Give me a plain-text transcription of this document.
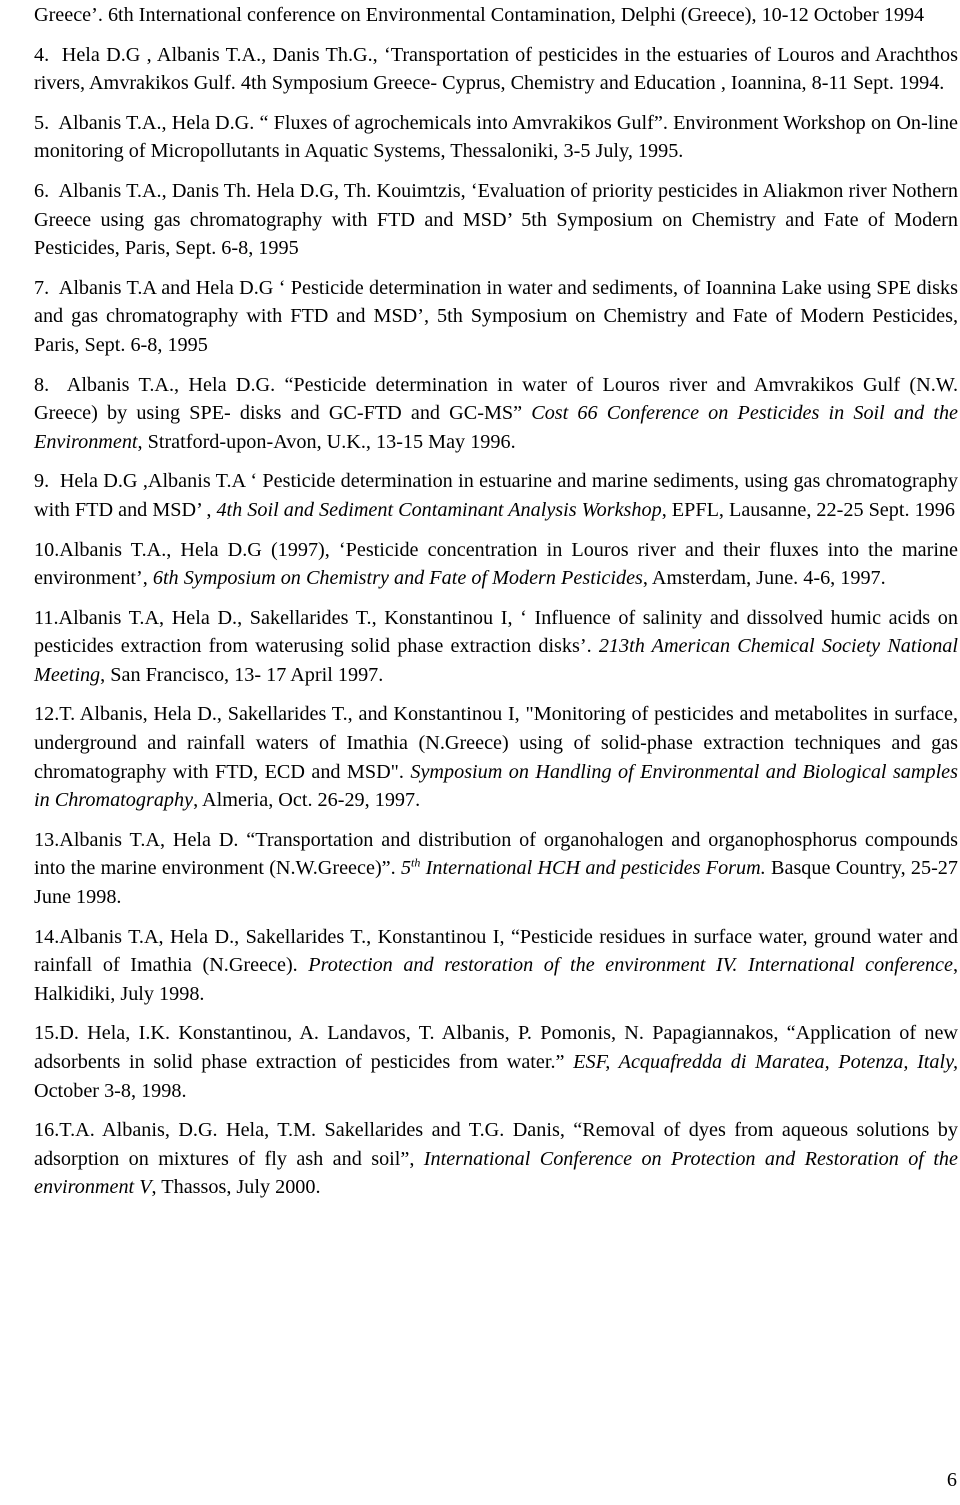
Greece’. 6th International conference on Environmental Contamination, Delphi (Greece), 10-12 October 1994

4. Hela D.G , Albanis T.A., Danis Th.G., ‘Transportation of pesticides in the estuaries of Louros and Arachthos rivers, Amvrakikos Gulf. 4th Symposium Greece- Cyprus, Chemistry and Education , Ioannina, 8-11 Sept. 1994.

5. Albanis T.A., Hela D.G. “ Fluxes of agrochemicals into Amvrakikos Gulf”. Environment Workshop on On-line monitoring of Micropollutants in Aquatic Systems, Thessaloniki, 3-5 July, 1995.

6. Albanis T.A., Danis Th. Hela D.G, Th. Kouimtzis, ‘Evaluation of priority pesticides in Aliakmon river Nothern Greece using gas chromatography with FTD and MSD’ 5th Symposium on Chemistry and Fate of Modern Pesticides, Paris, Sept. 6-8, 1995

7. Albanis T.A and Hela D.G ‘ Pesticide determination in water and sediments, of Ioannina Lake using SPE disks and gas chromatography with FTD and MSD’, 5th Symposium on Chemistry and Fate of Modern Pesticides, Paris, Sept. 6-8, 1995

8. Albanis T.A., Hela D.G. “Pesticide determination in water of Louros river and Amvrakikos Gulf (N.W. Greece) by using SPE- disks and GC-FTD and GC-MS” Cost 66 Conference on Pesticides in Soil and the Environment, Stratford-upon-Avon, U.K., 13-15 May 1996.

9. Hela D.G ,Albanis T.A ‘ Pesticide determination in estuarine and marine sediments, using gas chromatography with FTD and MSD’ , 4th Soil and Sediment Contaminant Analysis Workshop, EPFL, Lausanne, 22-25 Sept. 1996

10.Albanis T.A., Hela D.G (1997), ‘Pesticide concentration in Louros river and their fluxes into the marine environment’, 6th Symposium on Chemistry and Fate of Modern Pesticides, Amsterdam, June. 4-6, 1997.

11.Albanis T.A, Hela D., Sakellarides T., Konstantinou I, ‘ Influence of salinity and dissolved humic acids on pesticides extraction from waterusing solid phase extraction disks’. 213th American Chemical Society National Meeting, San Francisco, 13- 17 April 1997.

12.T. Albanis, Hela D., Sakellarides T., and Konstantinou I, "Monitoring of pesticides and metabolites in surface, underground and rainfall waters of Imathia (N.Greece) using of solid-phase extraction techniques and gas chromatography with FTD, ECD and MSD". Symposium on Handling of Environmental and Biological samples in Chromatography, Almeria, Oct. 26-29, 1997.

13.Albanis T.A, Hela D. “Transportation and distribution of organohalogen and organophosphorus compounds into the marine environment (N.W.Greece)”. 5th International HCH and pesticides Forum. Basque Country, 25-27 June 1998.

14.Albanis T.A, Hela D., Sakellarides T., Konstantinou I, “Pesticide residues in surface water, ground water and rainfall of Imathia (N.Greece). Protection and restoration of the environment IV. International conference, Halkidiki, July 1998.

15.D. Hela, I.K. Konstantinou, A. Landavos, T. Albanis, P. Pomonis, N. Papagiannakos, “Application of new adsorbents in solid phase extraction of pesticides from water.” ESF, Acquafredda di Maratea, Potenza, Italy, October 3-8, 1998.

16.T.A. Albanis, D.G. Hela, T.M. Sakellarides and T.G. Danis, “Removal of dyes from aqueous solutions by adsorption on mixtures of fly ash and soil”, International Conference on Protection and Restoration of the environment V, Thassos, July 2000.

6
